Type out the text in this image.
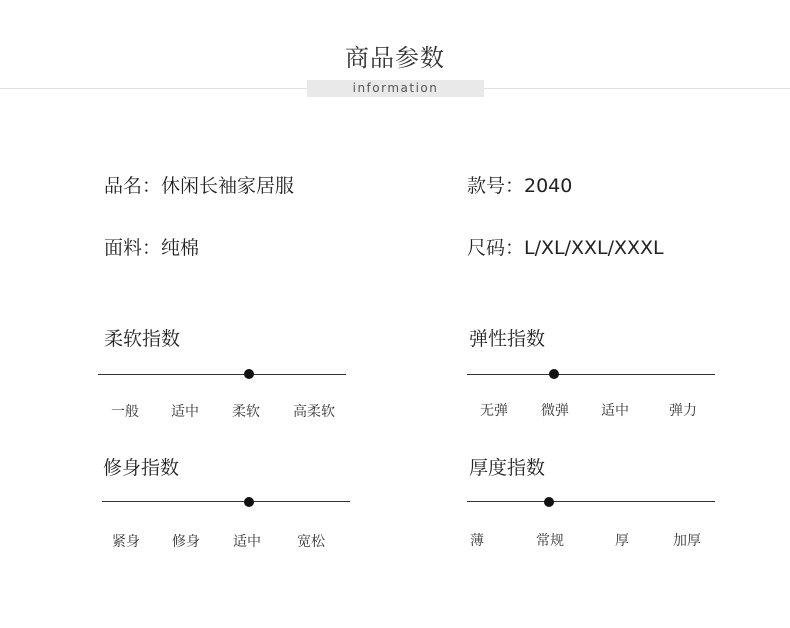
商品参数
information
品名：休闲长袖家居服	款号：2040
面料：纯棉	尺码：L/XL/XXL/XXXL
柔软指数
一般 适中 柔软 高柔软
弹性指数
无弹 微弹 适中	弹力
修身指数
紧身 修身 适中	宽松
厚度指数
薄	常规	厚	加厚
